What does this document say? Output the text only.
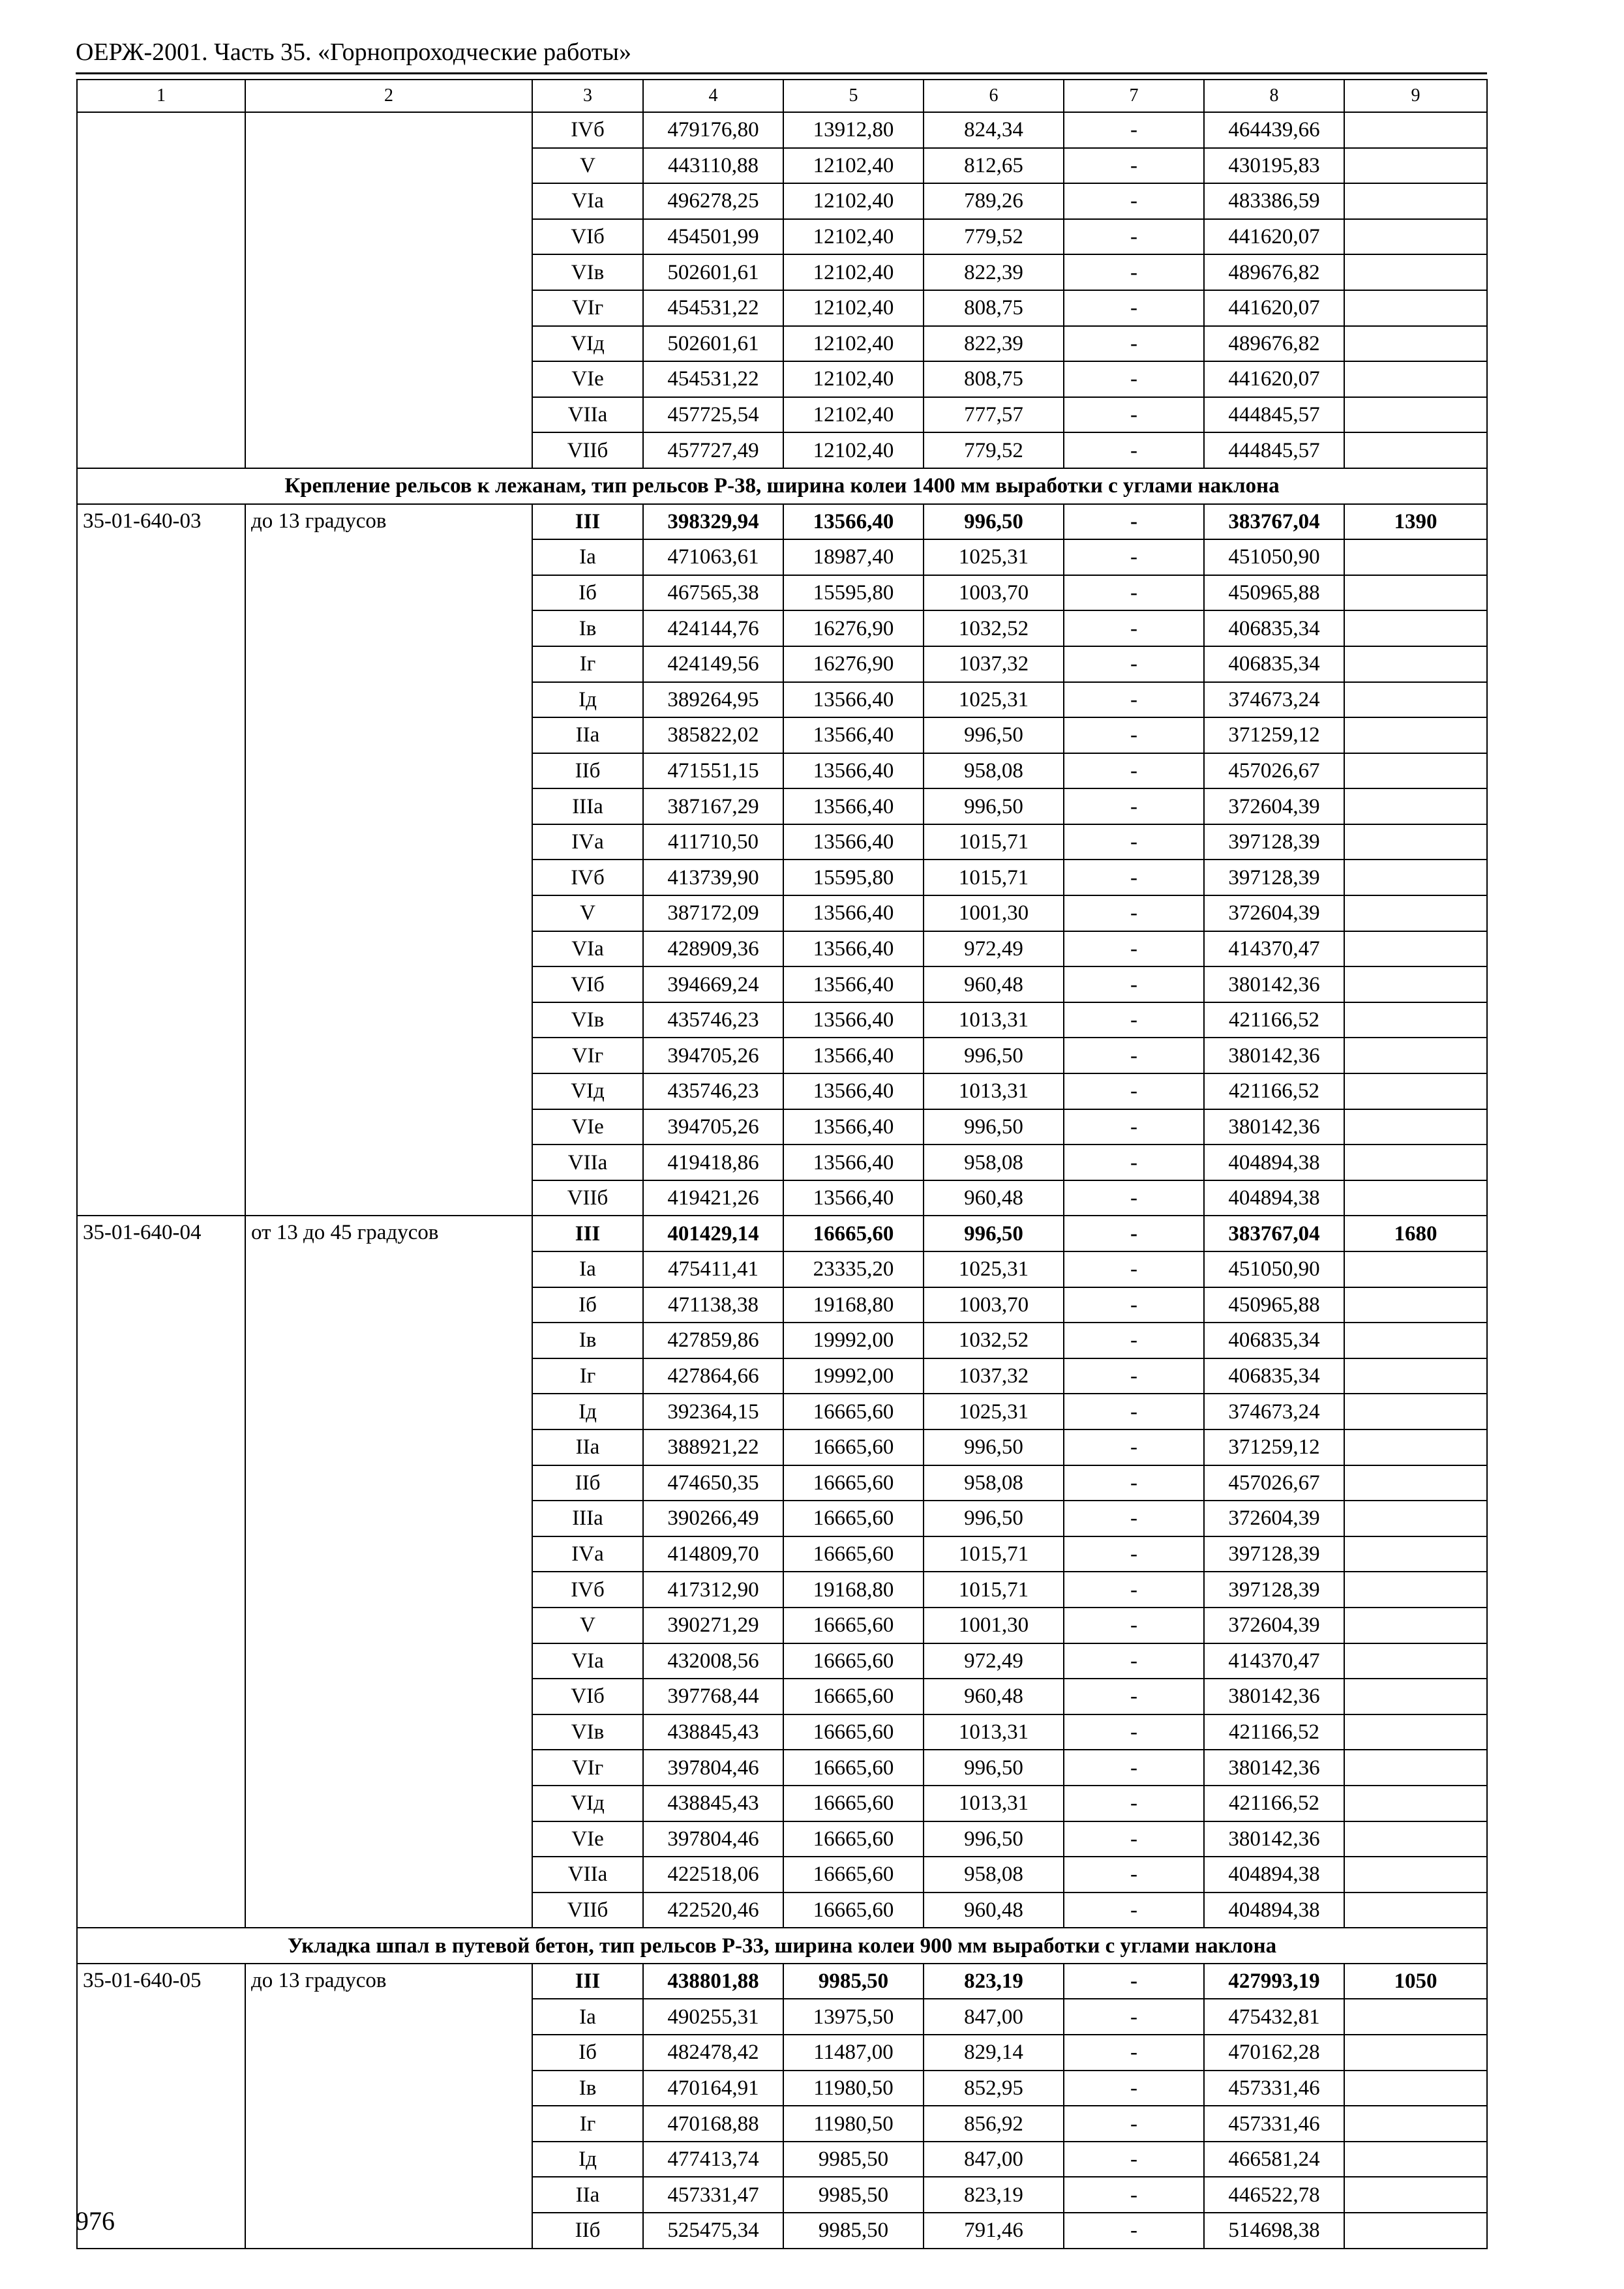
ОЕРЖ-2001. Часть 35. «Горнопроходческие работы»
1	2	3	4	5	6	7	8	9
		IVб	479176,80	13912,80	824,34	-	464439,66	
		V	443110,88	12102,40	812,65	-	430195,83	
		VIа	496278,25	12102,40	789,26	-	483386,59	
		VIб	454501,99	12102,40	779,52	-	441620,07	
		VIв	502601,61	12102,40	822,39	-	489676,82	
		VIг	454531,22	12102,40	808,75	-	441620,07	
		VIд	502601,61	12102,40	822,39	-	489676,82	
		VIе	454531,22	12102,40	808,75	-	441620,07	
		VIIа	457725,54	12102,40	777,57	-	444845,57	
		VIIб	457727,49	12102,40	779,52	-	444845,57	
Крепление рельсов к лежанам, тип рельсов Р-38, ширина колеи 1400 мм выработки с углами наклона								
35-01-640-03	до 13 градусов	III	398329,94	13566,40	996,50	-	383767,04	1390
		Iа	471063,61	18987,40	1025,31	-	451050,90	
		Iб	467565,38	15595,80	1003,70	-	450965,88	
		Iв	424144,76	16276,90	1032,52	-	406835,34	
		Iг	424149,56	16276,90	1037,32	-	406835,34	
		Iд	389264,95	13566,40	1025,31	-	374673,24	
		IIа	385822,02	13566,40	996,50	-	371259,12	
		IIб	471551,15	13566,40	958,08	-	457026,67	
		IIIа	387167,29	13566,40	996,50	-	372604,39	
		IVа	411710,50	13566,40	1015,71	-	397128,39	
		IVб	413739,90	15595,80	1015,71	-	397128,39	
		V	387172,09	13566,40	1001,30	-	372604,39	
		VIа	428909,36	13566,40	972,49	-	414370,47	
		VIб	394669,24	13566,40	960,48	-	380142,36	
		VIв	435746,23	13566,40	1013,31	-	421166,52	
		VIг	394705,26	13566,40	996,50	-	380142,36	
		VIд	435746,23	13566,40	1013,31	-	421166,52	
		VIе	394705,26	13566,40	996,50	-	380142,36	
		VIIа	419418,86	13566,40	958,08	-	404894,38	
		VIIб	419421,26	13566,40	960,48	-	404894,38	
35-01-640-04	от 13 до 45 градусов	III	401429,14	16665,60	996,50	-	383767,04	1680
		Iа	475411,41	23335,20	1025,31	-	451050,90	
		Iб	471138,38	19168,80	1003,70	-	450965,88	
		Iв	427859,86	19992,00	1032,52	-	406835,34	
		Iг	427864,66	19992,00	1037,32	-	406835,34	
		Iд	392364,15	16665,60	1025,31	-	374673,24	
		IIа	388921,22	16665,60	996,50	-	371259,12	
		IIб	474650,35	16665,60	958,08	-	457026,67	
		IIIа	390266,49	16665,60	996,50	-	372604,39	
		IVа	414809,70	16665,60	1015,71	-	397128,39	
		IVб	417312,90	19168,80	1015,71	-	397128,39	
		V	390271,29	16665,60	1001,30	-	372604,39	
		VIа	432008,56	16665,60	972,49	-	414370,47	
		VIб	397768,44	16665,60	960,48	-	380142,36	
		VIв	438845,43	16665,60	1013,31	-	421166,52	
		VIг	397804,46	16665,60	996,50	-	380142,36	
		VIд	438845,43	16665,60	1013,31	-	421166,52	
		VIе	397804,46	16665,60	996,50	-	380142,36	
		VIIа	422518,06	16665,60	958,08	-	404894,38	
		VIIб	422520,46	16665,60	960,48	-	404894,38	
Укладка шпал в путевой бетон, тип рельсов Р-33, ширина колеи 900 мм выработки с углами наклона								
35-01-640-05	до 13 градусов	III	438801,88	9985,50	823,19	-	427993,19	1050
		Iа	490255,31	13975,50	847,00	-	475432,81	
		Iб	482478,42	11487,00	829,14	-	470162,28	
		Iв	470164,91	11980,50	852,95	-	457331,46	
		Iг	470168,88	11980,50	856,92	-	457331,46	
		Iд	477413,74	9985,50	847,00	-	466581,24	
		IIа	457331,47	9985,50	823,19	-	446522,78	
		IIб	525475,34	9985,50	791,46	-	514698,38	
976
